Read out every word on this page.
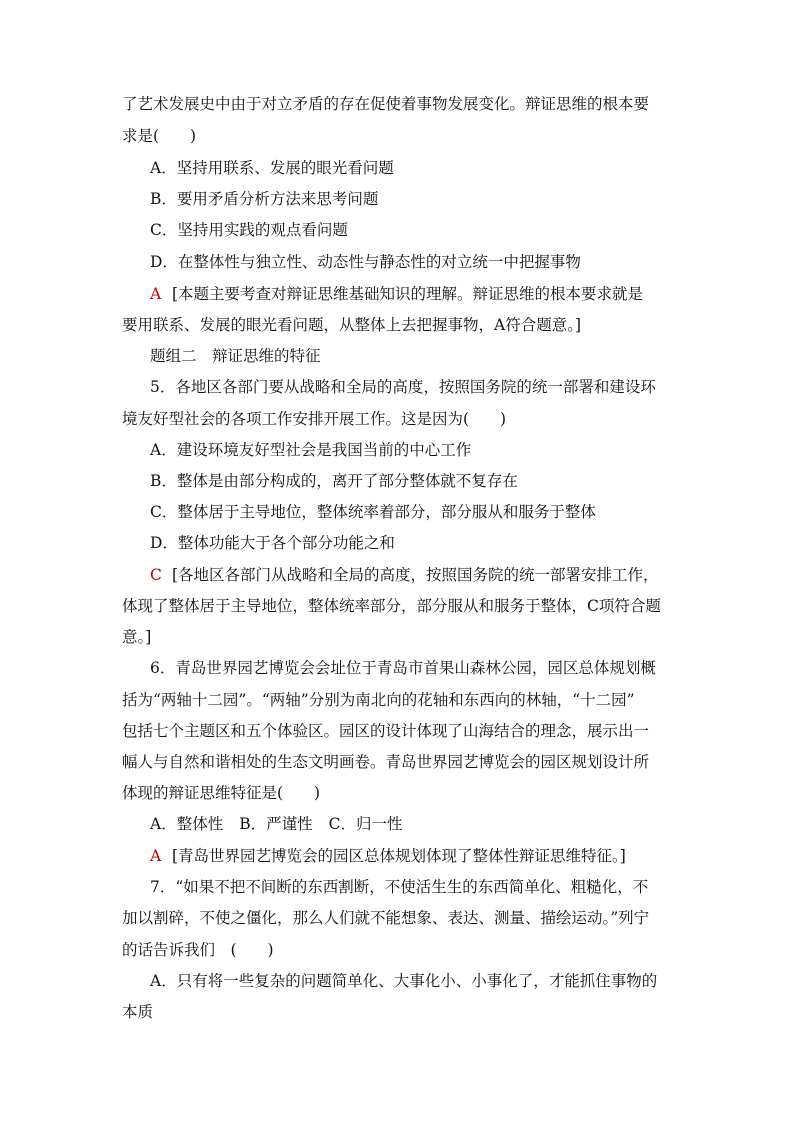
了艺术发展史中由于对立矛盾的存在促使着事物发展变化。辩证思维的根本要
求是(　　)
A．坚持用联系、发展的眼光看问题
B．要用矛盾分析方法来思考问题
C．坚持用实践的观点看问题
D．在整体性与独立性、动态性与静态性的对立统一中把握事物
A [本题主要考查对辩证思维基础知识的理解。辩证思维的根本要求就是
要用联系、发展的眼光看问题，从整体上去把握事物，A符合题意。]
题组二　辩证思维的特征
5．各地区各部门要从战略和全局的高度，按照国务院的统一部署和建设环
境友好型社会的各项工作安排开展工作。这是因为(　　)
A．建设环境友好型社会是我国当前的中心工作
B．整体是由部分构成的，离开了部分整体就不复存在
C．整体居于主导地位，整体统率着部分，部分服从和服务于整体
D．整体功能大于各个部分功能之和
C [各地区各部门从战略和全局的高度，按照国务院的统一部署安排工作，
体现了整体居于主导地位，整体统率部分，部分服从和服务于整体，C项符合题
意。]
6．青岛世界园艺博览会会址位于青岛市首果山森林公园，园区总体规划概
括为“两轴十二园”。“两轴”分别为南北向的花轴和东西向的林轴，“十二园”
包括七个主题区和五个体验区。园区的设计体现了山海结合的理念，展示出一
幅人与自然和谐相处的生态文明画卷。青岛世界园艺博览会的园区规划设计所
体现的辩证思维特征是(　　)
A．整体性 B．严谨性 C．归一性
A [青岛世界园艺博览会的园区总体规划体现了整体性辩证思维特征。]
7．“如果不把不间断的东西割断，不使活生生的东西简单化、粗糙化，不
加以割碎，不使之僵化，那么人们就不能想象、表达、测量、描绘运动。”列宁
的话告诉我们　(　　)
A．只有将一些复杂的问题简单化、大事化小、小事化了，才能抓住事物的
本质
